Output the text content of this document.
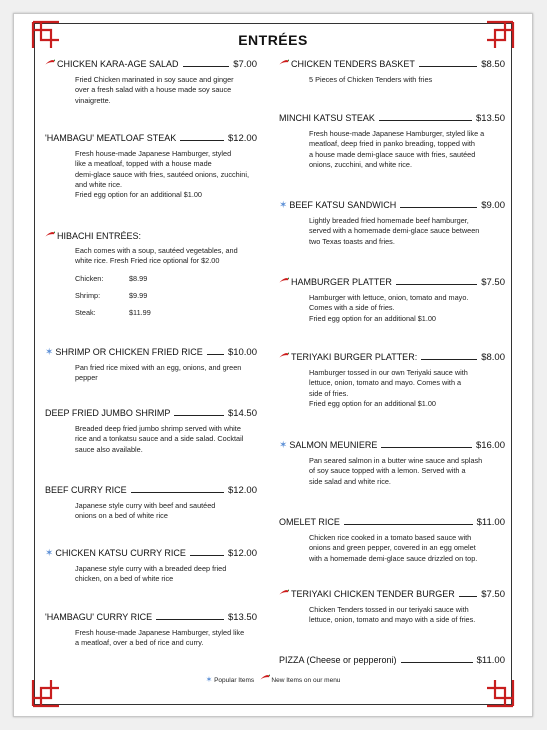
ENTRÉES
CHICKEN KARA-AGE SALAD	$7.00

Fried Chicken marinated in soy sauce and ginger

over a fresh salad with a house made soy sauce

vinaigrette.

'HAMBAGU' MEATLOAF STEAK	$12.00

Fresh house-made Japanese Hamburger, styled

like a meatloaf, topped with a house made

demi-glace sauce with fries, sautéed onions, zucchini,

and white rice.

Fried egg option for an additional $1.00

HIBACHI ENTRÉES:

Each comes with a soup, sautéed vegetables, and

white rice. Fresh Fried rice optional for $2.00

Chicken:	$8.99
Shrimp:	$9.99
Steak:	$11.99
✶ SHRIMP OR CHICKEN FRIED RICE	$10.00

Pan fried rice mixed with an egg, onions, and green

pepper

DEEP FRIED JUMBO SHRIMP	$14.50

Breaded deep fried jumbo shrimp served with white

rice and a tonkatsu sauce and a side salad. Cocktail

sauce also available.

BEEF CURRY RICE	$12.00

Japanese style curry with beef and sautéed

onions on a bed of white rice

✶ CHICKEN KATSU CURRY RICE	$12.00

Japanese style curry with a breaded deep fried

chicken, on a bed of white rice

'HAMBAGU' CURRY RICE	$13.50

Fresh house-made Japanese Hamburger, styled like

a meatloaf, over a bed of rice and curry.

CHICKEN TENDERS BASKET	$8.50

5 Pieces of Chicken Tenders with fries

MINCHI KATSU STEAK	$13.50

Fresh house-made Japanese Hamburger, styled like a

meatloaf, deep fried in panko breading, topped with

a house made demi-glace sauce with fries, sautéed

onions, zucchini, and white rice.

✶ BEEF KATSU SANDWICH	$9.00

Lightly breaded fried homemade beef hamburger,

served with a homemade demi-glace sauce between

two Texas toasts and fries.

HAMBURGER PLATTER	$7.50

Hamburger with lettuce, onion, tomato and mayo.

Comes with a side of fries.

Fried egg option for an additional $1.00

TERIYAKI BURGER PLATTER:	$8.00

Hamburger tossed in our own Teriyaki sauce with

lettuce, onion, tomato and mayo. Comes with a

side of fries.

Fried egg option for an additional $1.00

✶ SALMON MEUNIERE	$16.00

Pan seared salmon in a butter wine sauce and splash

of soy sauce topped with a lemon. Served with a

side salad and white rice.

OMELET RICE	$11.00

Chicken rice cooked in a tomato based sauce with

onions and green pepper, covered in an egg omelet

with a homemade demi-glace sauce drizzled on top.

TERIYAKI CHICKEN TENDER BURGER	$7.50

Chicken Tenders tossed in our teriyaki sauce with

lettuce, onion, tomato and mayo with a side of fries.

PIZZA (Cheese or pepperoni)	$11.00
✶ Popular Items	New Items on our menu
